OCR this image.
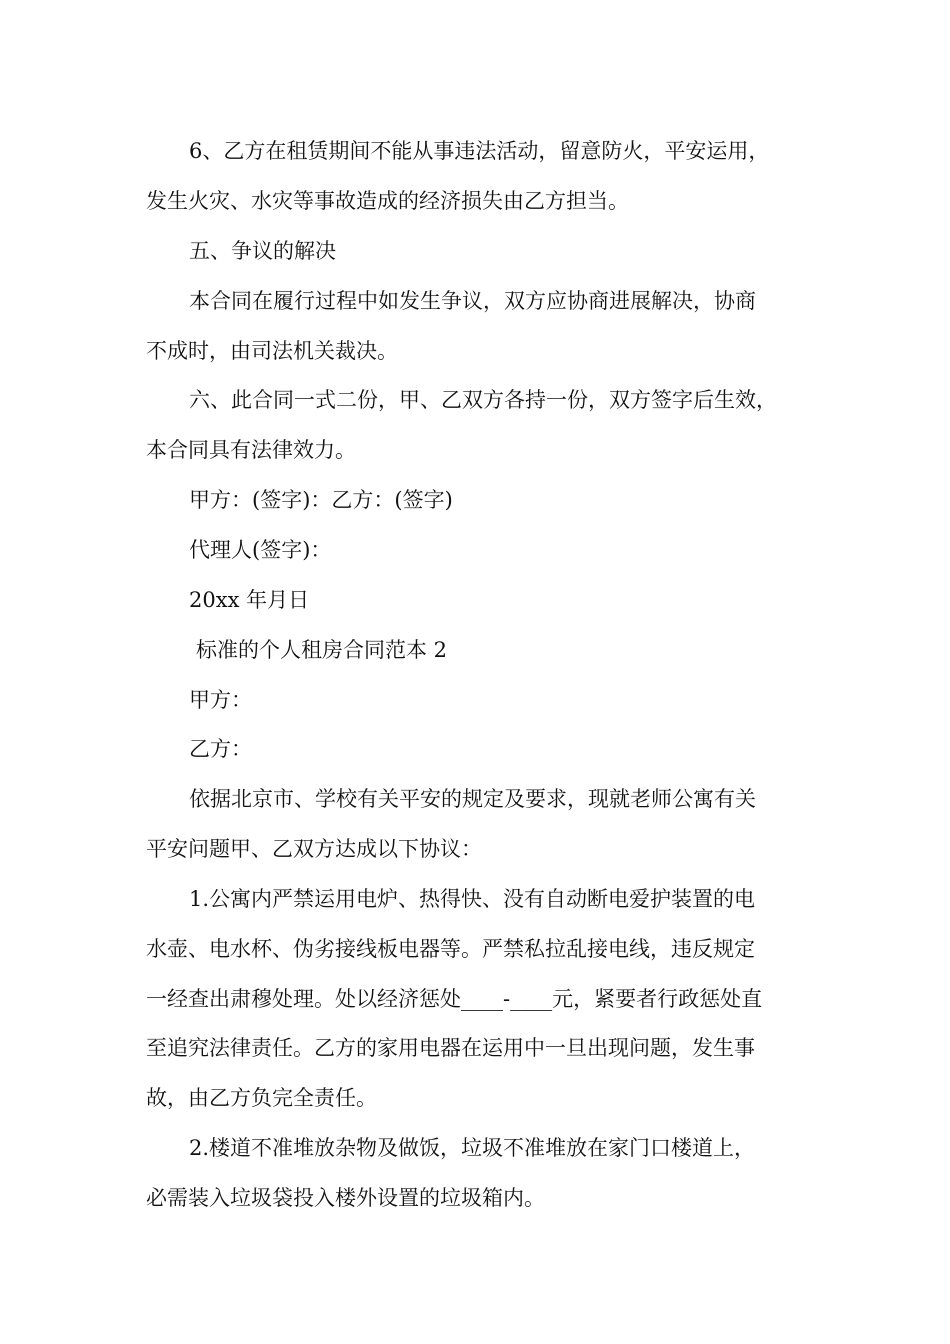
6、乙方在租赁期间不能从事违法活动，留意防火，平安运用，
发生火灾、水灾等事故造成的经济损失由乙方担当。
五、争议的解决
本合同在履行过程中如发生争议，双方应协商进展解决，协商
不成时，由司法机关裁决。
六、此合同一式二份，甲、乙双方各持一份，双方签字后生效，
本合同具有法律效力。
甲方：(签字)：乙方：(签字)
代理人(签字)：
20xx 年月日
标准的个人租房合同范本 2
甲方：
乙方：
依据北京市、学校有关平安的规定及要求，现就老师公寓有关
平安问题甲、乙双方达成以下协议：
1.公寓内严禁运用电炉、热得快、没有自动断电爱护装置的电
水壶、电水杯、伪劣接线板电器等。严禁私拉乱接电线，违反规定
一经查出肃穆处理。处以经济惩处____-____元，紧要者行政惩处直
至追究法律责任。乙方的家用电器在运用中一旦出现问题，发生事
故，由乙方负完全责任。
2.楼道不准堆放杂物及做饭，垃圾不准堆放在家门口楼道上，
必需装入垃圾袋投入楼外设置的垃圾箱内。
